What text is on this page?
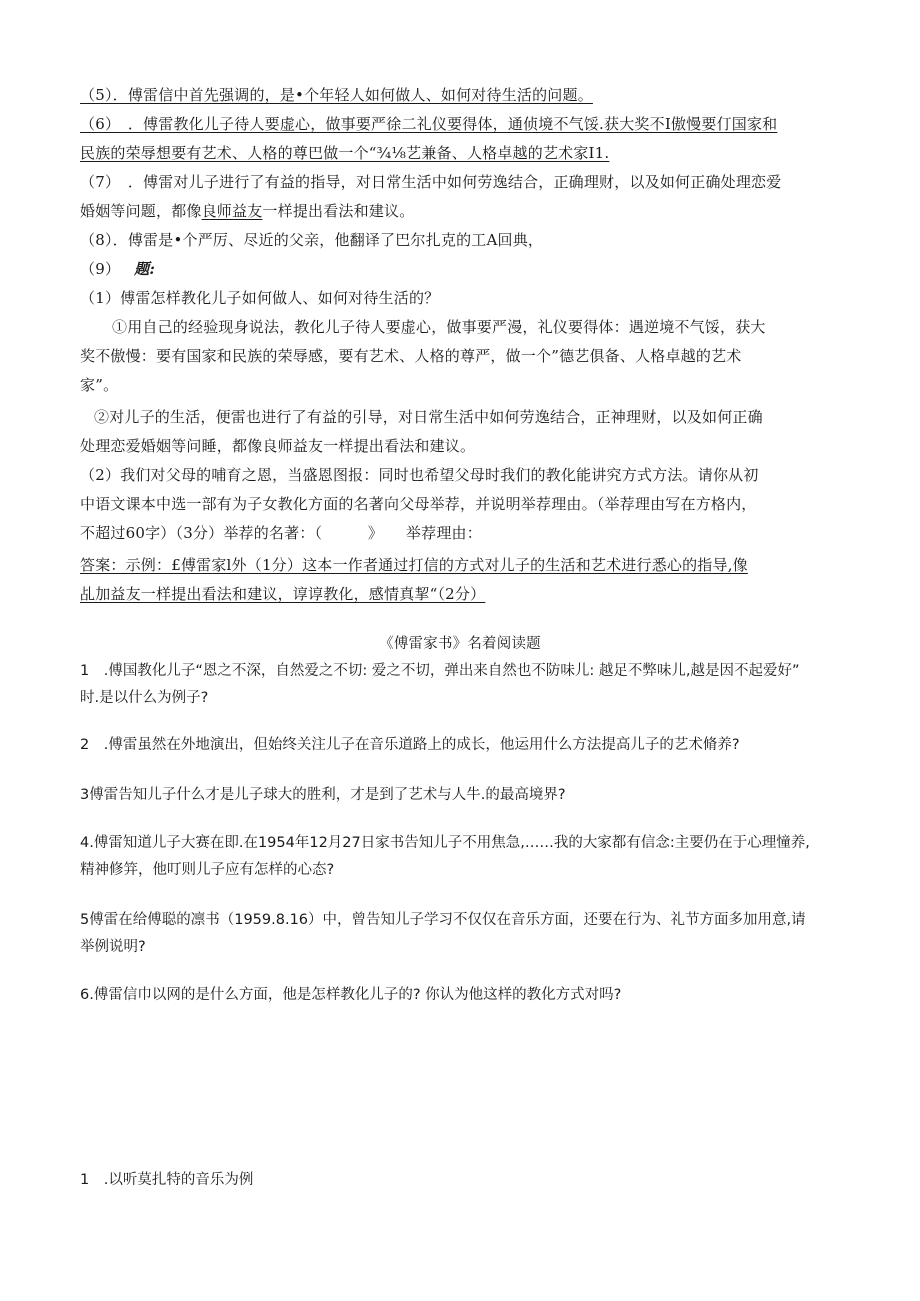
（5）．傅雷信中首先强调的，是•个年轻人如何做人、如何对待生活的问题。
（6）　．傅雷教化儿子待人要虚心，做事要严徐二礼仪要得体，通侦境不气馁.获大奖不I傲慢要仃国家和
民族的荣辱想要有艺术、人格的尊巴做一个“¾⅛艺兼备、人格卓越的艺术家I1.
（7）　．傅雷对儿子进行了有益的指导，对日常生活中如何劳逸结合，正确理财，以及如何正确处理恋爱
婚姻等问题，都像良师益友一样提出看法和建议。
（8）．傅雷是•个严厉、尽近的父亲，他翻译了巴尔扎克的工A回典，
（9） 题:
（1）傅雷怎样教化儿子如何做人、如何对待生活的？
①用自己的经验现身说法，教化儿子待人要虚心，做事要严漫，礼仪要得体：遇逆境不气馁，获大
奖不傲慢：要有国家和民族的荣辱感，要有艺术、人格的尊严，做一个”德艺俱备、人格卓越的艺术
家”。
②对儿子的生活，便雷也进行了有益的引导，对日常生活中如何劳逸结合，正神理财，以及如何正确
处理恋爱婚姻等问睡，都像良师益友一样提出看法和建议。
（2）我们对父母的哺育之恩，当盛恩图报：同时也希望父母时我们的教化能讲究方式方法。请你从初
中语文课本中选一部有为子女教化方面的名著向父母举荐，并说明举荐理由。（举荐理由写在方格内，
不超过60字）（3分）举荐的名著：（　　　》　　举荐理由：
答案：示例：£傅雷家l外（1分）这本一作者通过打信的方式对儿子的生活和艺术进行悉心的指导,像
乩加益友一样提出看法和建议，谆谆教化，感情真挈“（2分）
《傅雷家书》名着阅读题
1　.傅国教化儿子“恩之不深，自然爱之不切: 爱之不切，弹出来自然也不防味儿: 越足不弊味儿,越是因不起爱好”
时.是以什么为例子?
2　.傅雷虽然在外地演出，但始终关注儿子在音乐道路上的成长，他运用什么方法提高儿子的艺术脩养?
3傅雷告知儿子什么才是儿子球大的胜利，才是到了艺术与人牛.的最高境界?
4.傅雷知道儿子大赛在即.在1954年12月27日家书告知儿子不用焦急,……我的大家都有信念:主要仍在于心理憧养,
精神修笄，他叮则儿子应有怎样的心态?
5傅雷在给傅聪的凛书（1959.8.16）中，曾告知儿子学习不仅仅在音乐方面，还要在行为、礼节方面多加用意,请
举例说明?
6.傅雷信巾以网的是什么方面，他是怎样教化儿子的? 你认为他这样的教化方式对吗?
1　.以听莫扎特的音乐为例
